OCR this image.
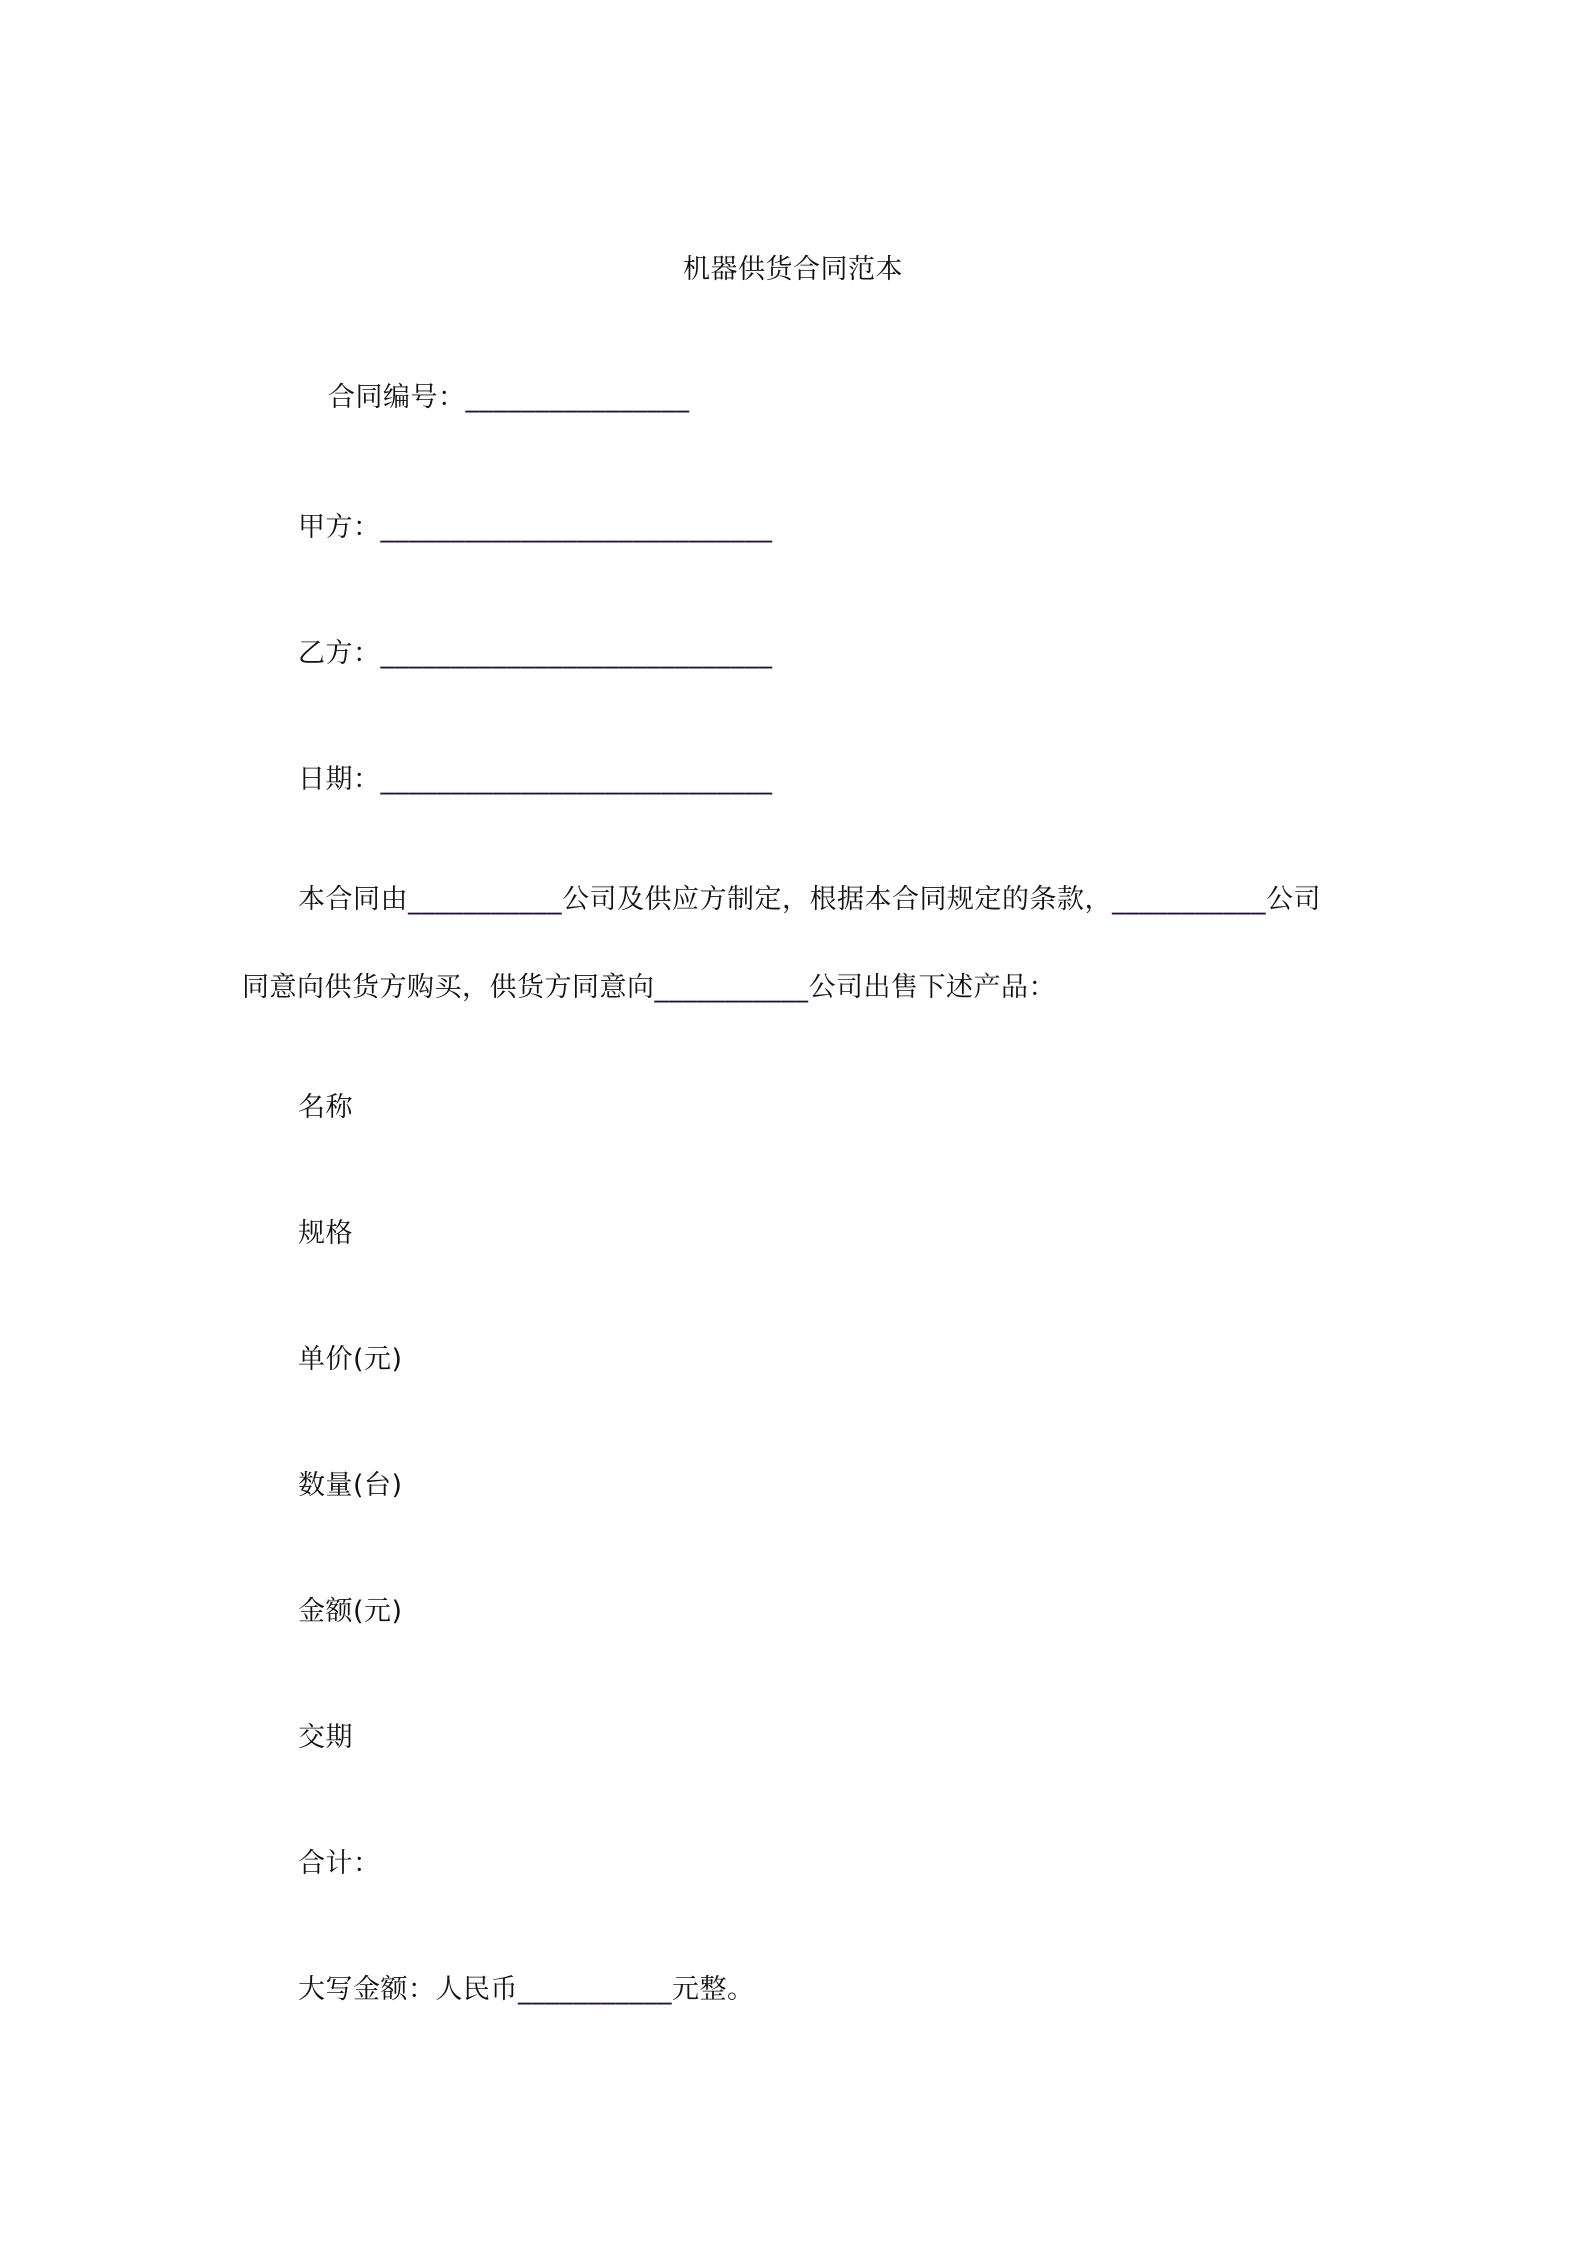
机器供货合同范本
合同编号：________________
甲方：____________________________
乙方：____________________________
日期：____________________________
本合同由___________公司及供应方制定，根据本合同规定的条款，___________公司
同意向供货方购买，供货方同意向___________公司出售下述产品：
名称
规格
单价(元)
数量(台)
金额(元)
交期
合计：
大写金额：人民币___________元整。
